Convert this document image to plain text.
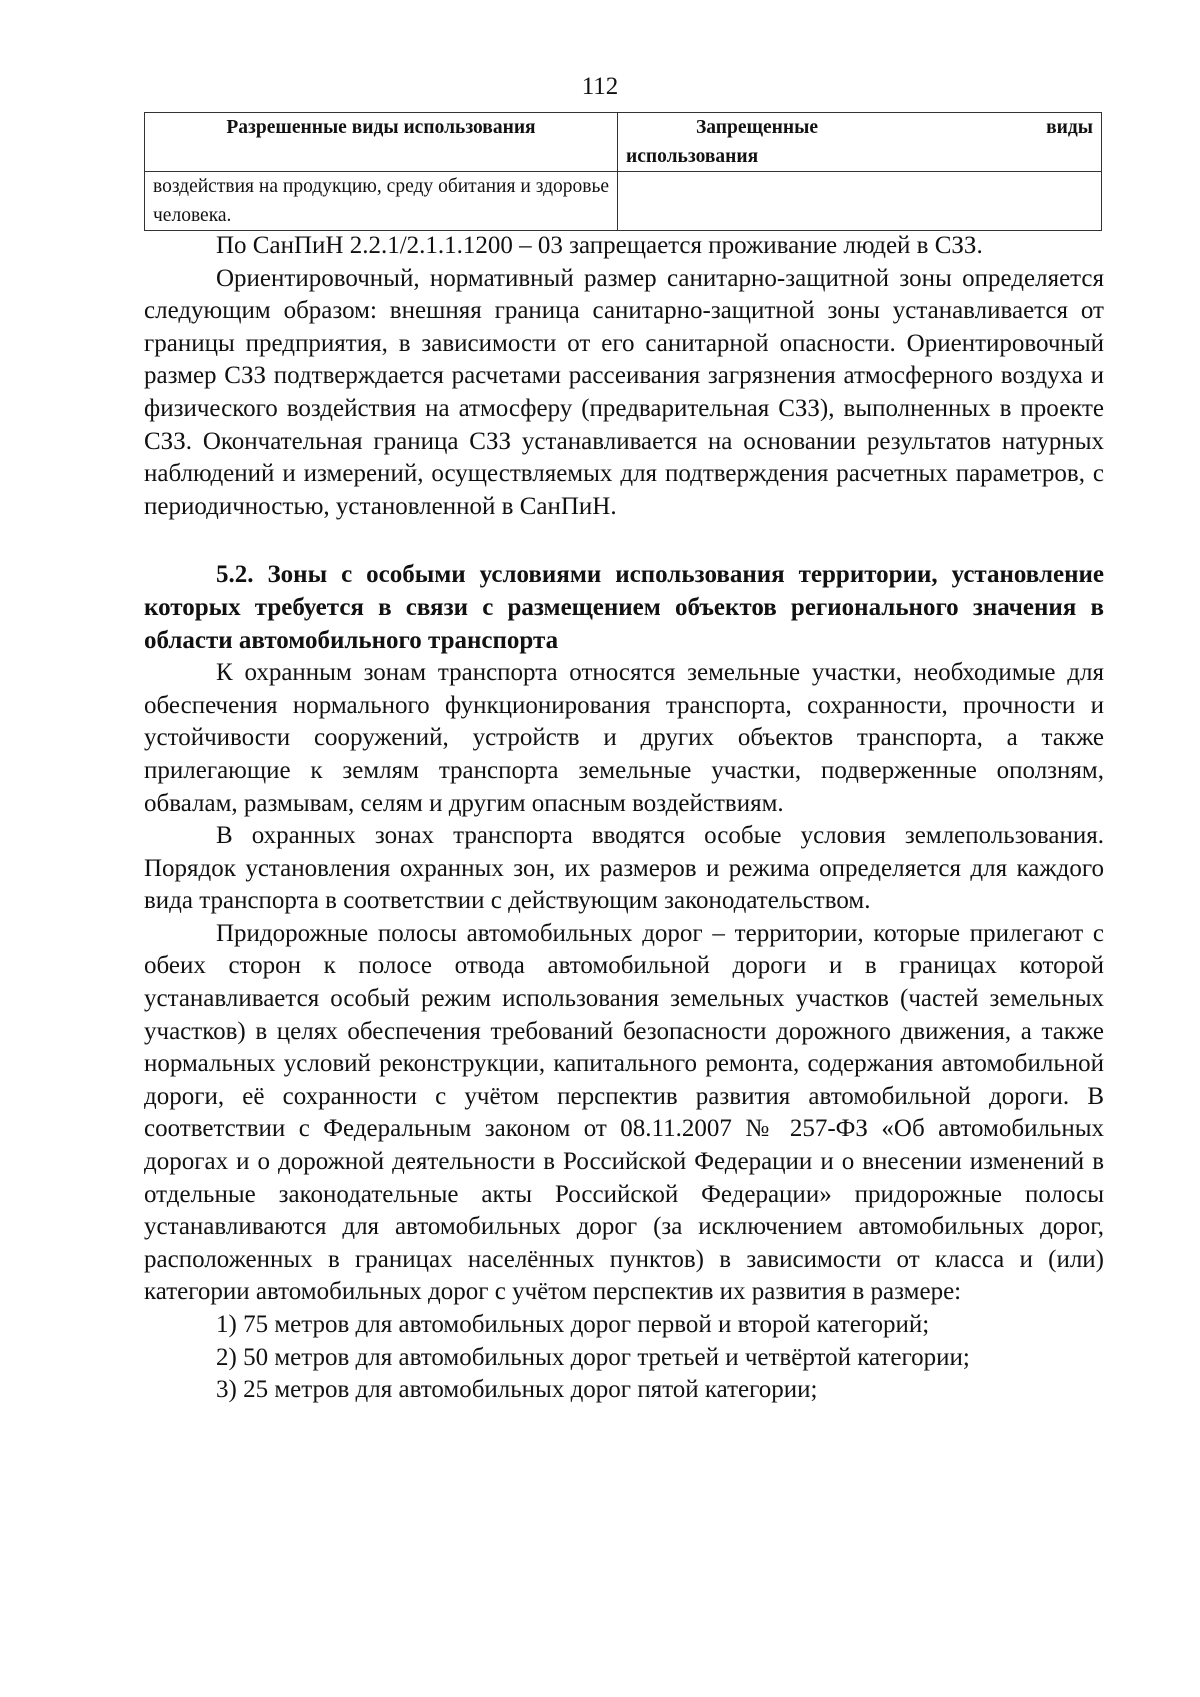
112
Разрешенные виды использования	Запрещенные виды
использования
воздействия на продукцию, среду обитания и здоровье человека.	

По СанПиН 2.2.1/2.1.1.1200 – 03 запрещается проживание людей в СЗЗ.

Ориентировочный, нормативный размер санитарно-защитной зоны определяется следующим образом: внешняя граница санитарно-защитной зоны устанавливается от границы предприятия, в зависимости от его санитарной опасности. Ориентировочный размер СЗЗ подтверждается расчетами рассеивания загрязнения атмосферного воздуха и физического воздействия на атмосферу (предварительная СЗЗ), выполненных в проекте СЗЗ. Окончательная граница СЗЗ устанавливается на основании результатов натурных наблюдений и измерений, осуществляемых для подтверждения расчетных параметров, с периодичностью, установленной в СанПиН.

5.2. Зоны с особыми условиями использования территории, установление которых требуется в связи с размещением объектов регионального значения в области автомобильного транспорта

К охранным зонам транспорта относятся земельные участки, необходимые для обеспечения нормального функционирования транспорта, сохранности, прочности и устойчивости сооружений, устройств и других объектов транспорта, а также прилегающие к землям транспорта земельные участки, подверженные оползням, обвалам, размывам, селям и другим опасным воздействиям.

В охранных зонах транспорта вводятся особые условия землепользования. Порядок установления охранных зон, их размеров и режима определяется для каждого вида транспорта в соответствии с действующим законодательством.

Придорожные полосы автомобильных дорог – территории, которые прилегают с обеих сторон к полосе отвода автомобильной дороги и в границах которой устанавливается особый режим использования земельных участков (частей земельных участков) в целях обеспечения требований безопасности дорожного движения, а также нормальных условий реконструкции, капитального ремонта, содержания автомобильной дороги, её сохранности с учётом перспектив развития автомобильной дороги. В соответствии с Федеральным законом от 08.11.2007 № 257-ФЗ «Об автомобильных дорогах и о дорожной деятельности в Российской Федерации и о внесении изменений в отдельные законодательные акты Российской Федерации» придорожные полосы устанавливаются для автомобильных дорог (за исключением автомобильных дорог, расположенных в границах населённых пунктов) в зависимости от класса и (или) категории автомобильных дорог с учётом перспектив их развития в размере:

1) 75 метров для автомобильных дорог первой и второй категорий;

2) 50 метров для автомобильных дорог третьей и четвёртой категории;

3) 25 метров для автомобильных дорог пятой категории;
